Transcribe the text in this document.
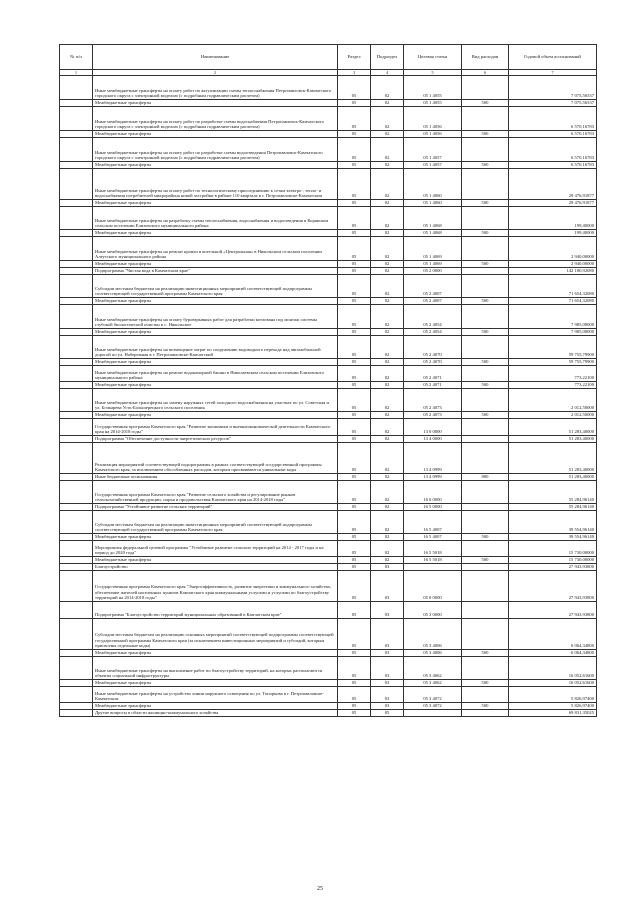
№ п/п	Наименование	Раздел	Подраздел	Целевая статья	Вид расходов	Годовой объем ассигнований
1	2	3	4	5	6	7
	Иные межбюджетные трансферты на оплату работ по актуализации схемы теплоснабжения Петропавловск-Камчатского городского округа с электронной моделью (с подробным гидравлическим расчетом)	05	02	05 1 4055		7 075,56537
	Межбюджетные трансферты	05	02	05 1 4055	500	7 075,56537
	Иные межбюджетные трансферты на оплату работ по разработке схемы водоснабжения Петропавловск-Камчатского городского округа с электронной моделью (с подробным гидравлическим расчетом)	05	02	05 1 4056		6 570,16783
	Межбюджетные трансферты	05	02	05 1 4056	500	6 570,16783
	Иные межбюджетные трансферты на оплату работ по разработке схемы водоотведения Петропавловск-Камчатского городского округа с электронной моделью (с подробным гидравлическим расчетом)	05	02	05 1 4057		6 570,16783
	Межбюджетные трансферты	05	02	05 1 4057	500	6 570,16783
	Иные межбюджетные трансферты на оплату работ по технологическому присоединению к сетям электро-, тепло- и водоснабжения потребителей микрорайона новой застройки в районе 110 квартала в г. Петропавловске-Камчатском	05	02	05 1 4060		29 476,91877
	Межбюджетные трансферты	05	02	05 1 4060	500	29 476,91877
	Иные межбюджетные трансферты на разработку схемы теплоснабжения, водоснабжения и водоотведения в Корякском сельском поселении Елизовского муниципального района	05	02	05 1 4068		199,40000
	Межбюджетные трансферты	05	02	05 1 4068	500	199,40000
	Иные межбюджетные трансферты на ремонт кровли в котельной «Центральная» в Никольском сельском поселении Алеутского муниципального района	05	02	05 1 4069		2 940,00000
	Межбюджетные трансферты	05	02	05 1 4069	500	2 940,00000
	Подпрограмма "Чистая вода в Камчатском крае"	05	02	05 2 0000		142 180,92080
	Субсидии местным бюджетам на реализацию инвестиционных мероприятий соответствующей подпрограммы соответствующей государственной программы Камчатского края	05	02	05 2 4007		71 654,32080
	Межбюджетные трансферты	05	02	05 2 4007	500	71 654,32080
	Иные межбюджетные трансферты на оплату буровзрывных работ для разработки котлована под монтаж системы глубокой биологической очистки в с. Никольское	05	02	05 2 4054		7 985,08000
	Межбюджетные трансферты	05	02	05 2 4054	500	7 985,08000
	Иные межбюджетные трансферты на возмещение затрат по сооружению водоводного перехода над автомобильной дорогой по ул. Набережная в г. Петропавловске-Камчатский	05	02	05 2 4070		59 755,79900
	Межбюджетные трансферты	05	02	05 2 4070	500	59 755,79900
	Иные межбюджетные трансферты на ремонт водонапорной башни в Николаевском сельском поселении Елизовского муниципального района	05	02	05 2 4071		773,22100
	Межбюджетные трансферты	05	02	05 2 4071	500	773,22100
	Иные межбюджетные трансферты на замену наружных сетей холодного водоснабжения на участках по ул. Советская и ул. Бочкарева Усть-Большерецкого сельского поселения	05	02	05 2 4073		2 012,50000
	Межбюджетные трансферты	05	02	05 2 4073	500	2 012,50000
	Государственная программа Камчатского края "Развитие экономики и внешнеэкономической деятельности Камчатского края на 2014-2018 годы"	05	02	13 0 0000		51 283,40000
	Подпрограмма "Обеспечение доступности энергетических ресурсов"	05	02	13 4 0000		51 283,40000
	Реализация мероприятий соответствующей подпрограммы в рамках соответствующей государственной программы Камчатского края, за исключением обособленных расходов, которым присваиваются уникальные коды	05	02	13 4 0999		51 283,40000
	Иные бюджетные ассигнования	05	02	13 4 0999	800	51 283,40000
	Государственная программа Камчатского края "Развитие сельского хозяйства и регулирование рынков сельскохозяйственной продукции, сырья и продовольствия Камчатского края на 2014-2018 годы"	05	02	16 0 0000		55 284,96140
	Подпрограмма "Устойчивое развитие сельских территорий"	05	02	16 5 0000		55 284,96140
	Субсидии местным бюджетам на реализацию инвестиционных мероприятий соответствующей подпрограммы соответствующей государственной программы Камчатского края	05	02	16 5 4007		39 554,96140
	Межбюджетные трансферты	05	02	16 5 4007	500	39 554,96140
	Мероприятия федеральной целевой программы "Устойчивое развитие сельских территорий на 2014 - 2017 годы и на период до 2020 года"	05	02	16 5 5018		15 730,00000
	Межбюджетные трансферты	05	02	16 5 5018	500	15 730,00000
	Благоустройство	05	03			27 943,93800
	Государственная программа Камчатского края "Энергоэффективность, развитие энергетики и коммунального хозяйства, обеспечение жителей населенных пунктов Камчатского края коммунальными услугами и услугами по благоустройству территорий на 2014-2018 годы"	05	03	05 0 0000		27 943,93800
	Подпрограмма "Благоустройство территорий муниципальных образований в Камчатском крае"	05	03	05 3 0000		27 943,93800
	Субсидии местным бюджетам на реализацию основных мероприятий соответствующей подпрограммы соответствующей государственной программы Камчатского края (за исключением инвестиционных мероприятий и субсидий, которым присвоены отдельные коды)	05	03	05 3 4006		6 064,34800
	Межбюджетные трансферты	05	03	05 3 4006	500	6 064,34800
	Иные межбюджетные трансферты на выполнение работ по благоустройству территорий, на которых располагаются объекты социальной инфраструктуры	05	03	05 3 4062		16 052,61600
	Межбюджетные трансферты	05	03	05 3 4062	500	16 052,61600
	Иные межбюджетные трансферты на устройство линии наружного освещения по ул. Топоркова в г. Петропавловске-Камчатском	05	03	05 3 4072		5 826,97400
	Межбюджетные трансферты	05	03	05 3 4072	500	5 826,97400
	Другие вопросы в области жилищно-коммунального хозяйства	05	05			69 831,35025
25
